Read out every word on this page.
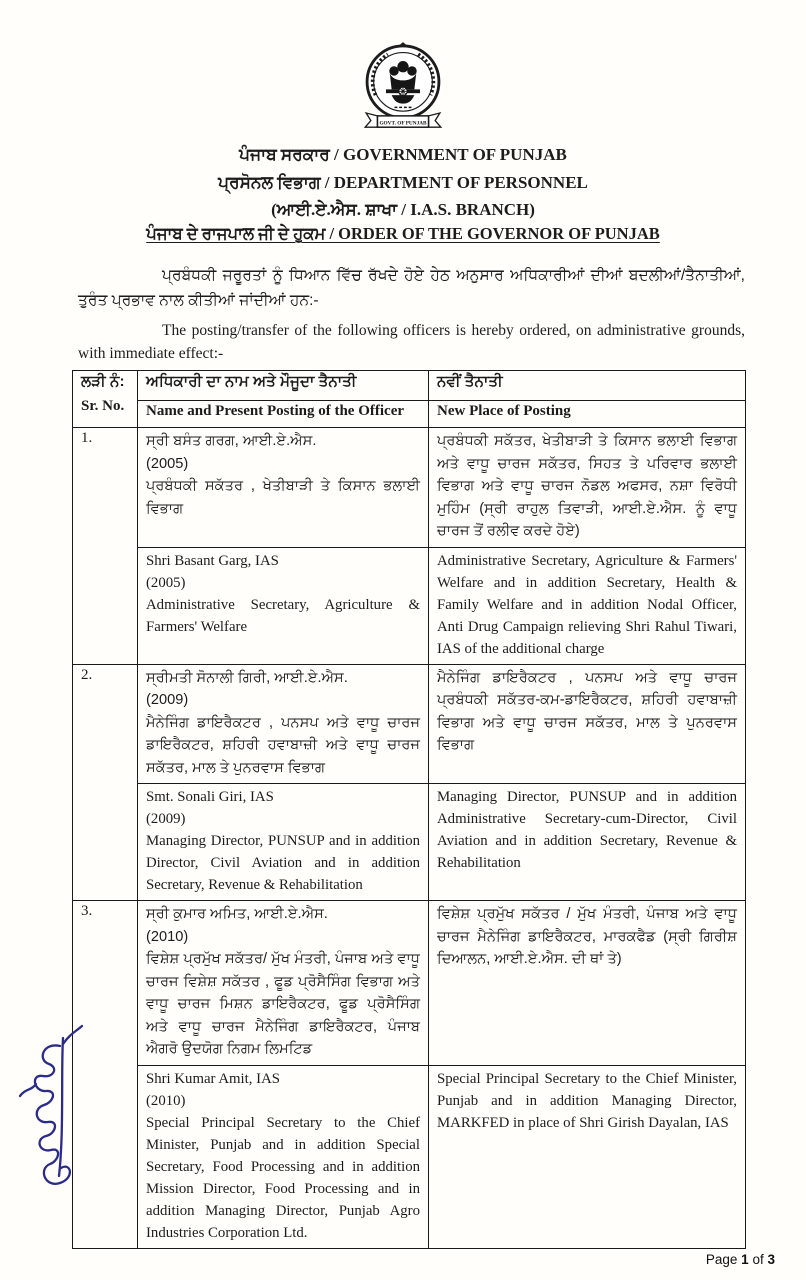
GOVT. OF PUNJAB
ਪੰਜਾਬ ਸਰਕਾਰ / GOVERNMENT OF PUNJAB
ਪ੍ਰਸੋਨਲ ਵਿਭਾਗ / DEPARTMENT OF PERSONNEL
(ਆਈ.ਏ.ਐਸ. ਸ਼ਾਖਾ / I.A.S. BRANCH)
ਪੰਜਾਬ ਦੇ ਰਾਜਪਾਲ ਜੀ ਦੇ ਹੁਕਮ / ORDER OF THE GOVERNOR OF PUNJAB

ਪ੍ਰਬੰਧਕੀ ਜਰੂਰਤਾਂ ਨੂੰ ਧਿਆਨ ਵਿੱਚ ਰੱਖਦੇ ਹੋਏ ਹੇਠ ਅਨੁਸਾਰ ਅਧਿਕਾਰੀਆਂ ਦੀਆਂ ਬਦਲੀਆਂ/ਤੈਨਾਤੀਆਂ, ਤੁਰੰਤ ਪ੍ਰਭਾਵ ਨਾਲ ਕੀਤੀਆਂ ਜਾਂਦੀਆਂ ਹਨ:-

The posting/transfer of the following officers is hereby ordered, on administrative grounds, with immediate effect:-

ਲੜੀ ਨੰ:
Sr. No.	ਅਧਿਕਾਰੀ ਦਾ ਨਾਮ ਅਤੇ ਮੌਜੂਦਾ ਤੈਨਾਤੀ	ਨਵੀਂ ਤੈਨਾਤੀ
	Name and Present Posting of the Officer	New Place of Posting
1.	ਸ੍ਰੀ ਬਸੰਤ ਗਰਗ, ਆਈ.ਏ.ਐਸ.
(2005)
ਪ੍ਰਬੰਧਕੀ ਸਕੱਤਰ , ਖੇਤੀਬਾੜੀ ਤੇ ਕਿਸਾਨ ਭਲਾਈ ਵਿਭਾਗ	ਪ੍ਰਬੰਧਕੀ ਸਕੱਤਰ, ਖੇਤੀਬਾੜੀ ਤੇ ਕਿਸਾਨ ਭਲਾਈ ਵਿਭਾਗ ਅਤੇ ਵਾਧੂ ਚਾਰਜ ਸਕੱਤਰ, ਸਿਹਤ ਤੇ ਪਰਿਵਾਰ ਭਲਾਈ ਵਿਭਾਗ ਅਤੇ ਵਾਧੂ ਚਾਰਜ ਨੋਡਲ ਅਫਸਰ, ਨਸ਼ਾ ਵਿਰੋਧੀ ਮੁਹਿੰਮ (ਸ੍ਰੀ ਰਾਹੁਲ ਤਿਵਾੜੀ, ਆਈ.ਏ.ਐਸ. ਨੂੰ ਵਾਧੂ ਚਾਰਜ ਤੋਂ ਰਲੀਵ ਕਰਦੇ ਹੋਏ)

Shri Basant Garg, IAS
(2005)
Administrative Secretary, Agriculture & Farmers' Welfare
	Administrative Secretary, Agriculture & Farmers' Welfare and in addition Secretary, Health & Family Welfare and in addition Nodal Officer, Anti Drug Campaign relieving Shri Rahul Tiwari, IAS of the additional charge
2.	ਸ੍ਰੀਮਤੀ ਸੋਨਾਲੀ ਗਿਰੀ, ਆਈ.ਏ.ਐਸ.
(2009)
ਮੈਨੇਜਿੰਗ ਡਾਇਰੈਕਟਰ , ਪਨਸਪ ਅਤੇ ਵਾਧੂ ਚਾਰਜ ਡਾਇਰੈਕਟਰ, ਸ਼ਹਿਰੀ ਹਵਾਬਾਜ਼ੀ ਅਤੇ ਵਾਧੂ ਚਾਰਜ ਸਕੱਤਰ, ਮਾਲ ਤੇ ਪੁਨਰਵਾਸ ਵਿਭਾਗ	ਮੈਨੇਜਿੰਗ ਡਾਇਰੈਕਟਰ , ਪਨਸਪ ਅਤੇ ਵਾਧੂ ਚਾਰਜ ਪ੍ਰਬੰਧਕੀ ਸਕੱਤਰ-ਕਮ-ਡਾਇਰੈਕਟਰ, ਸ਼ਹਿਰੀ ਹਵਾਬਾਜ਼ੀ ਵਿਭਾਗ ਅਤੇ ਵਾਧੂ ਚਾਰਜ ਸਕੱਤਰ, ਮਾਲ ਤੇ ਪੁਨਰਵਾਸ ਵਿਭਾਗ

	Smt. Sonali Giri, IAS
(2009)
Managing Director, PUNSUP and in addition Director, Civil Aviation and in addition Secretary, Revenue & Rehabilitation	Managing Director, PUNSUP and in addition Administrative Secretary-cum-Director, Civil Aviation and in addition Secretary, Revenue & Rehabilitation
3.	ਸ੍ਰੀ ਕੁਮਾਰ ਅਮਿਤ, ਆਈ.ਏ.ਐਸ.
(2010)
ਵਿਸ਼ੇਸ਼ ਪ੍ਰਮੁੱਖ ਸਕੱਤਰ/ ਮੁੱਖ ਮੰਤਰੀ, ਪੰਜਾਬ ਅਤੇ ਵਾਧੂ ਚਾਰਜ ਵਿਸ਼ੇਸ਼ ਸਕੱਤਰ , ਫੂਡ ਪ੍ਰੋਸੈਸਿੰਗ ਵਿਭਾਗ ਅਤੇ ਵਾਧੂ ਚਾਰਜ ਮਿਸ਼ਨ ਡਾਇਰੈਕਟਰ, ਫੂਡ ਪ੍ਰੋਸੈਸਿੰਗ ਅਤੇ ਵਾਧੂ ਚਾਰਜ ਮੈਨੇਜਿੰਗ ਡਾਇਰੈਕਟਰ, ਪੰਜਾਬ ਐਗਰੋ ਉਦਯੋਗ ਨਿਗਮ ਲਿਮਟਿਡ	ਵਿਸ਼ੇਸ਼ ਪ੍ਰਮੁੱਖ ਸਕੱਤਰ / ਮੁੱਖ ਮੰਤਰੀ, ਪੰਜਾਬ ਅਤੇ ਵਾਧੂ ਚਾਰਜ ਮੈਨੇਜਿੰਗ ਡਾਇਰੈਕਟਰ, ਮਾਰਕਫੈਡ (ਸ੍ਰੀ ਗਿਰੀਸ਼ ਦਿਆਲਨ, ਆਈ.ਏ.ਐਸ. ਦੀ ਥਾਂ ਤੇ)

	Shri Kumar Amit, IAS
(2010)
Special Principal Secretary to the Chief Minister, Punjab and in addition Special Secretary, Food Processing and in addition Mission Director, Food Processing and in addition Managing Director, Punjab Agro Industries Corporation Ltd.	Special Principal Secretary to the Chief Minister, Punjab and in addition Managing Director, MARKFED in place of Shri Girish Dayalan, IAS
Page 1 of 3
